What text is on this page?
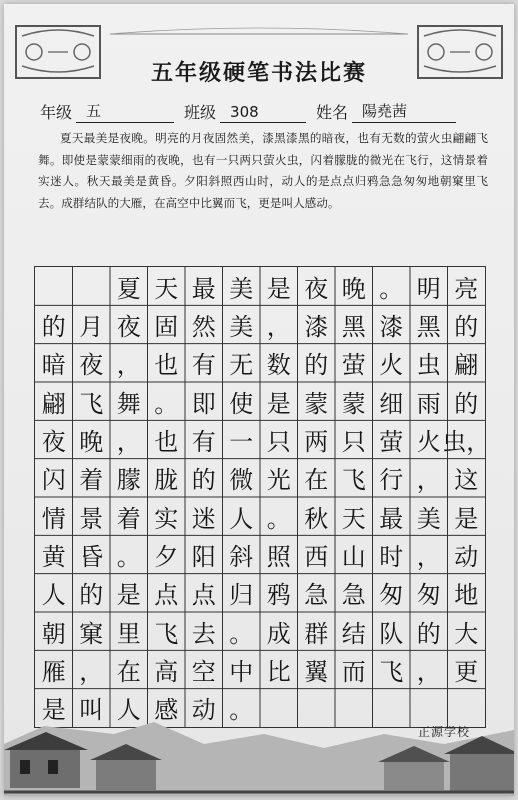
五年级硬笔书法比赛
年级 五	班级 308	姓名 陽堯茜
夏天最美是夜晚。明亮的月夜固然美，漆黑漆黑的暗夜，也有无数的萤火虫翩翩飞舞。即使是蒙蒙细雨的夜晚，也有一只两只萤火虫，闪着朦胧的微光在飞行，这情景着实迷人。秋天最美是黄昏。夕阳斜照西山时，动人的是点点归鸦急急匆匆地朝窠里飞去。成群结队的大雁，在高空中比翼而飞，更是叫人感动。
夏 天 最 美 是 夜 晚 。 明 亮
的 月 夜 固 然 美 ， 漆 黑 漆 黑 的
暗 夜 ， 也 有 无 数 的 萤 火 虫 翩
翩 飞 舞 。 即 使 是 蒙 蒙 细 雨 的
夜 晚 ， 也 有 一 只 两 只 萤 火 虫，
闪 着 朦 胧 的 微 光 在 飞 行 ， 这
情 景 着 实 迷 人 。 秋 天 最 美 是
黄 昏 。 夕 阳 斜 照 西 山 时 ， 动
人 的 是 点 点 归 鸦 急 急 匆 匆 地
朝 窠 里 飞 去 。 成 群 结 队 的 大
雁 ， 在 高 空 中 比 翼 而 飞 ， 更
是 叫 人 感 动 。
正源学校
